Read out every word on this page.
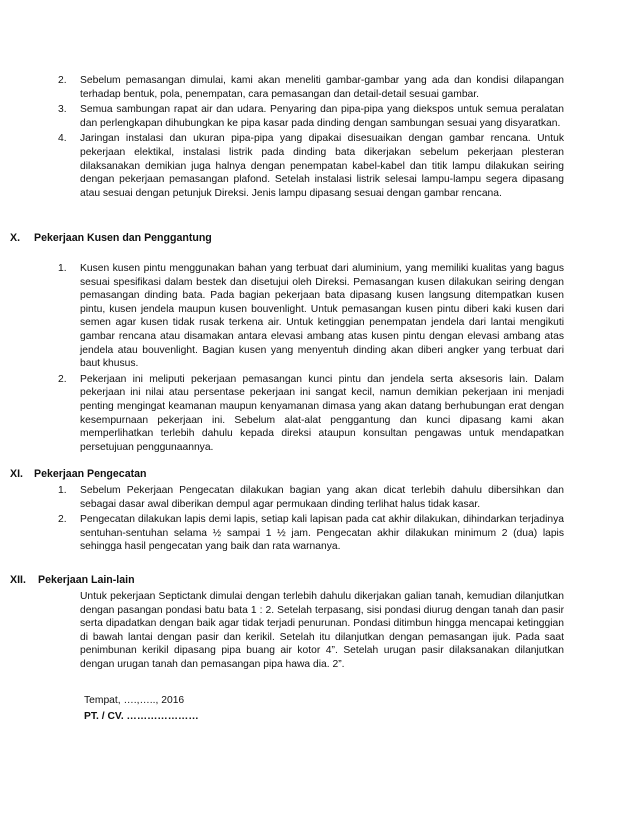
2. Sebelum pemasangan dimulai, kami akan meneliti gambar-gambar yang ada dan kondisi dilapangan terhadap bentuk, pola, penempatan, cara pemasangan dan detail-detail sesuai gambar.
3. Semua sambungan rapat air dan udara. Penyaring dan pipa-pipa yang diekspos untuk semua peralatan dan perlengkapan dihubungkan ke pipa kasar pada dinding dengan sambungan sesuai yang disyaratkan.
4. Jaringan instalasi dan ukuran pipa-pipa yang dipakai disesuaikan dengan gambar rencana. Untuk pekerjaan elektikal, instalasi listrik pada dinding bata dikerjakan sebelum pekerjaan plesteran dilaksanakan demikian juga halnya dengan penempatan kabel-kabel dan titik lampu dilakukan seiring dengan pekerjaan pemasangan plafond. Setelah instalasi listrik selesai lampu-lampu segera dipasang atau sesuai dengan petunjuk Direksi. Jenis lampu dipasang sesuai dengan gambar rencana.
X. Pekerjaan Kusen dan Penggantung
1. Kusen kusen pintu menggunakan bahan yang terbuat dari aluminium, yang memiliki kualitas yang bagus sesuai spesifikasi dalam bestek dan disetujui oleh Direksi. Pemasangan kusen dilakukan seiring dengan pemasangan dinding bata. Pada bagian pekerjaan bata dipasang kusen langsung ditempatkan kusen pintu, kusen jendela maupun kusen bouvenlight. Untuk pemasangan kusen pintu diberi kaki kusen dari semen agar kusen tidak rusak terkena air. Untuk ketinggian penempatan jendela dari lantai mengikuti gambar rencana atau disamakan antara elevasi ambang atas kusen pintu dengan elevasi ambang atas jendela atau bouvenlight. Bagian kusen yang menyentuh dinding akan diberi angker yang terbuat dari baut khusus.
2. Pekerjaan ini meliputi pekerjaan pemasangan kunci pintu dan jendela serta aksesoris lain. Dalam pekerjaan ini nilai atau persentase pekerjaan ini sangat kecil, namun demikian pekerjaan ini menjadi penting mengingat keamanan maupun kenyamanan dimasa yang akan datang berhubungan erat dengan kesempurnaan pekerjaan ini. Sebelum alat-alat penggantung dan kunci dipasang kami akan memperlihatkan terlebih dahulu kepada direksi ataupun konsultan pengawas untuk mendapatkan persetujuan penggunaannya.
XI. Pekerjaan Pengecatan
1. Sebelum Pekerjaan Pengecatan dilakukan bagian yang akan dicat terlebih dahulu dibersihkan dan sebagai dasar awal diberikan dempul agar permukaan dinding terlihat halus tidak kasar.
2. Pengecatan dilakukan lapis demi lapis, setiap kali lapisan pada cat akhir dilakukan, dihindarkan terjadinya sentuhan-sentuhan selama ½ sampai 1 ½ jam. Pengecatan akhir dilakukan minimum 2 (dua) lapis sehingga hasil pengecatan yang baik dan rata warnanya.
XII. Pekerjaan Lain-lain
Untuk pekerjaan Septictank dimulai dengan terlebih dahulu dikerjakan galian tanah, kemudian dilanjutkan dengan pasangan pondasi batu bata 1 : 2. Setelah terpasang, sisi pondasi diurug dengan tanah dan pasir serta dipadatkan dengan baik agar tidak terjadi penurunan. Pondasi ditimbun hingga mencapai ketinggian di bawah lantai dengan pasir dan kerikil. Setelah itu dilanjutkan dengan pemasangan ijuk. Pada saat penimbunan kerikil dipasang pipa buang air kotor 4”. Setelah urugan pasir dilaksanakan dilanjutkan dengan urugan tanah dan pemasangan pipa hawa dia. 2”.
Tempat, ….,….., 2016
PT. / CV. …………………
